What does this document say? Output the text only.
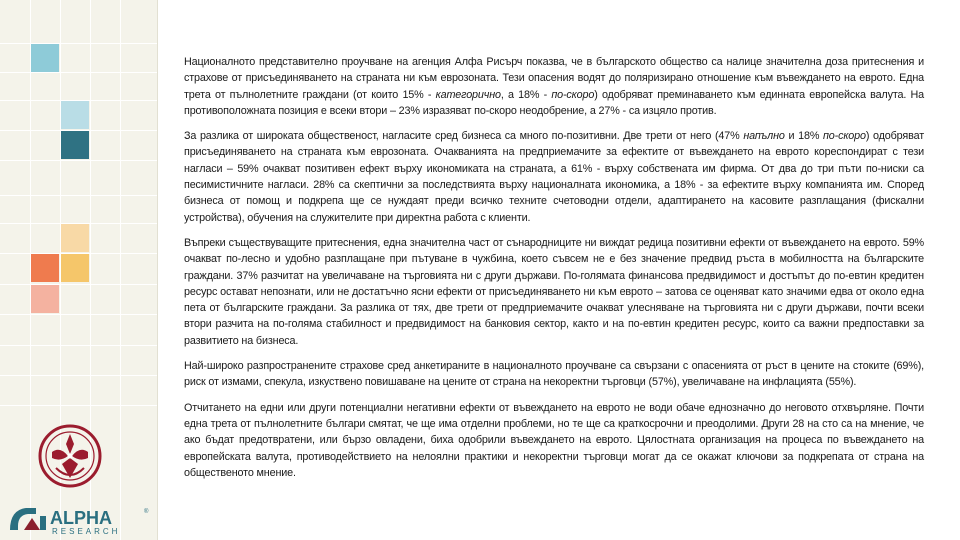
ALPHA	®
RESEARCH

Националното представително проучване на агенция Алфа Рисърч показва, че в българското общество са налице значителна доза притеснения и страхове от присъединяването на страната ни към еврозоната. Тези опасения водят до поляризирано отношение към въвеждането на еврото. Една трета от пълнолетните граждани (от които 15% - категорично, а 18% - по-скоро) одобряват преминаването към единната европейска валута. На противоположната позиция е всеки втори – 23% изразяват по-скоро неодобрение, а 27% - са изцяло против.

За разлика от широката общественост, нагласите сред бизнеса са много по-позитивни. Две трети от него (47% напълно и 18% по-скоро) одобряват присъединяването на страната към еврозоната. Очакванията на предприемачите за ефектите от въвеждането на еврото кореспондират с тези нагласи – 59% очакват позитивен ефект върху икономиката на страната, а 61% - върху собствената им фирма. От два до три пъти по-ниски са песимистичните нагласи. 28% са скептични за последствията върху националната икономика, а 18% - за ефектите върху компанията им. Според бизнеса от помощ и подкрепа ще се нуждаят преди всичко техните счетоводни отдели, адаптирането на касовите разплащания (фискални устройства), обучения на служителите при директна работа с клиенти.

Въпреки съществуващите притеснения, една значителна част от сънародниците ни виждат редица позитивни ефекти от въвеждането на еврото. 59% очакват по-лесно и удобно разплащане при пътуване в чужбина, което съвсем не е без значение предвид ръста в мобилността на българските граждани. 37% разчитат на увеличаване на търговията ни с други държави. По-голямата финансова предвидимост и достъпът до по-евтин кредитен ресурс остават непознати, или не достатъчно ясни ефекти от присъединяването ни към еврото – затова се оценяват като значими едва от около една пета от българските граждани. За разлика от тях, две трети от предприемачите очакват улесняване на търговията ни с други държави, почти всеки втори разчита на по-голяма стабилност и предвидимост на банковия сектор, както и на по-евтин кредитен ресурс, които са важни предпоставки за развитието на бизнеса.

Най-широко разпространените страхове сред анкетираните в националното проучване са свързани с опасенията от ръст в цените на стоките (69%), риск от измами, спекула, изкуствено повишаване на цените от страна на некоректни търговци (57%), увеличаване на инфлацията (55%).

Отчитането на едни или други потенциални негативни ефекти от въвеждането на еврото не води обаче еднозначно до неговото отхвърляне. Почти една трета от пълнолетните българи смятат, че ще има отделни проблеми, но те ще са краткосрочни и преодолими. Други 28 на сто са на мнение, че ако бъдат предотвратени, или бързо овладени, биха одобрили въвеждането на еврото. Цялостната организация на процеса по въвеждането на европейската валута, противодействието на нелоялни практики и некоректни търговци могат да се окажат ключови за подкрепата от страна на общественото мнение.
